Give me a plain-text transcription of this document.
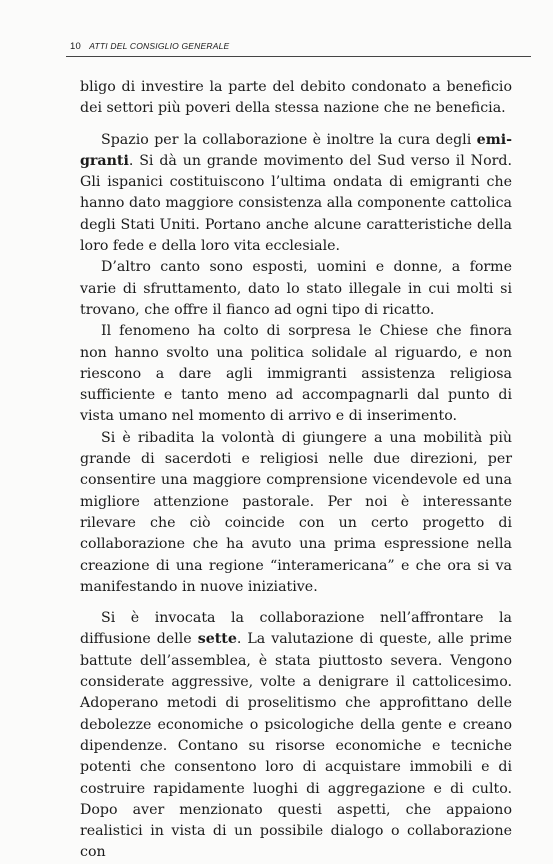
10 ATTI DEL CONSIGLIO GENERALE

bligo di investire la parte del debito condonato a beneficio dei settori più poveri della stessa nazione che ne beneficia.

Spazio per la collaborazione è inoltre la cura degli emigranti. Si dà un grande movimento del Sud verso il Nord. Gli ispanici costituiscono l’ultima ondata di emigranti che hanno dato maggiore consistenza alla componente cattolica degli Stati Uniti. Portano anche alcune caratteristiche della loro fede e della loro vita ecclesiale.

D’altro canto sono esposti, uomini e donne, a forme varie di sfruttamento, dato lo stato illegale in cui molti si trovano, che offre il fianco ad ogni tipo di ricatto.

Il fenomeno ha colto di sorpresa le Chiese che finora non hanno svolto una politica solidale al riguardo, e non riescono a dare agli immigranti assistenza religiosa sufficiente e tanto meno ad accompagnarli dal punto di vista umano nel momento di arrivo e di inserimento.

Si è ribadita la volontà di giungere a una mobilità più grande di sacerdoti e religiosi nelle due direzioni, per consentire una maggiore comprensione vicendevole ed una migliore attenzione pastorale. Per noi è interessante rilevare che ciò coincide con un certo progetto di collaborazione che ha avuto una prima espressione nella creazione di una regione “interamericana” e che ora si va manifestando in nuove iniziative.

Si è invocata la collaborazione nell’affrontare la diffusione delle sette. La valutazione di queste, alle prime battute dell’assemblea, è stata piuttosto severa. Vengono considerate aggressive, volte a denigrare il cattolicesimo. Adoperano metodi di proselitismo che approfittano delle debolezze economiche o psicologiche della gente e creano dipendenze. Contano su risorse economiche e tecniche potenti che consentono loro di acquistare immobili e di costruire rapidamente luoghi di aggregazione e di culto. Dopo aver menzionato questi aspetti, che appaiono realistici in vista di un possibile dialogo o collaborazione con
